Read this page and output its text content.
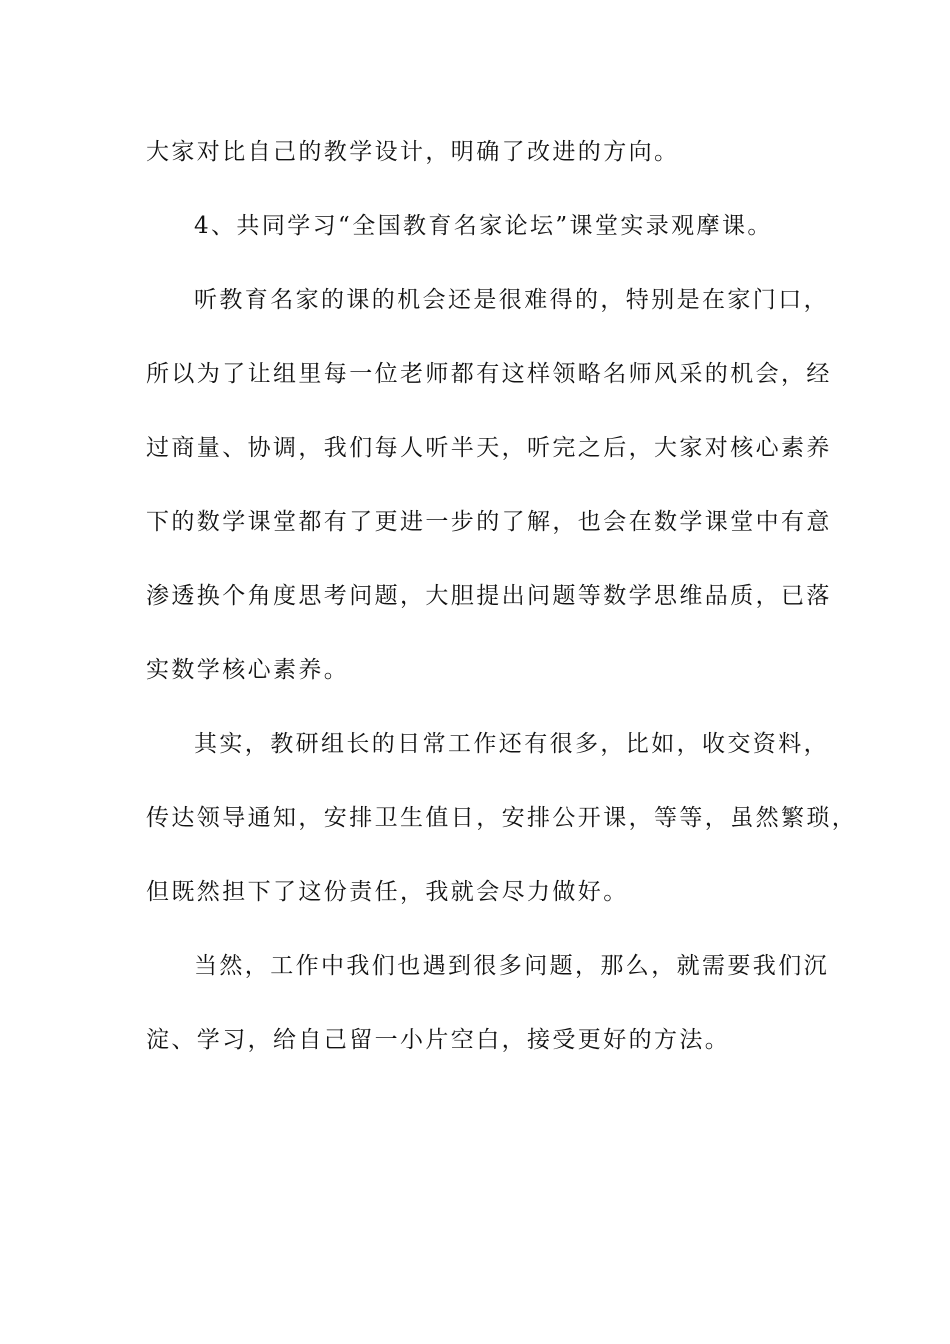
大家对比自己的教学设计，明确了改进的方向。
4、共同学习“全国教育名家论坛”课堂实录观摩课。
听教育名家的课的机会还是很难得的，特别是在家门口，
所以为了让组里每一位老师都有这样领略名师风采的机会，经
过商量、协调，我们每人听半天，听完之后，大家对核心素养
下的数学课堂都有了更进一步的了解，也会在数学课堂中有意
渗透换个角度思考问题，大胆提出问题等数学思维品质，已落
实数学核心素养。
其实，教研组长的日常工作还有很多，比如，收交资料，
传达领导通知，安排卫生值日，安排公开课，等等，虽然繁琐，
但既然担下了这份责任，我就会尽力做好。
当然，工作中我们也遇到很多问题，那么，就需要我们沉
淀、学习，给自己留一小片空白，接受更好的方法。
